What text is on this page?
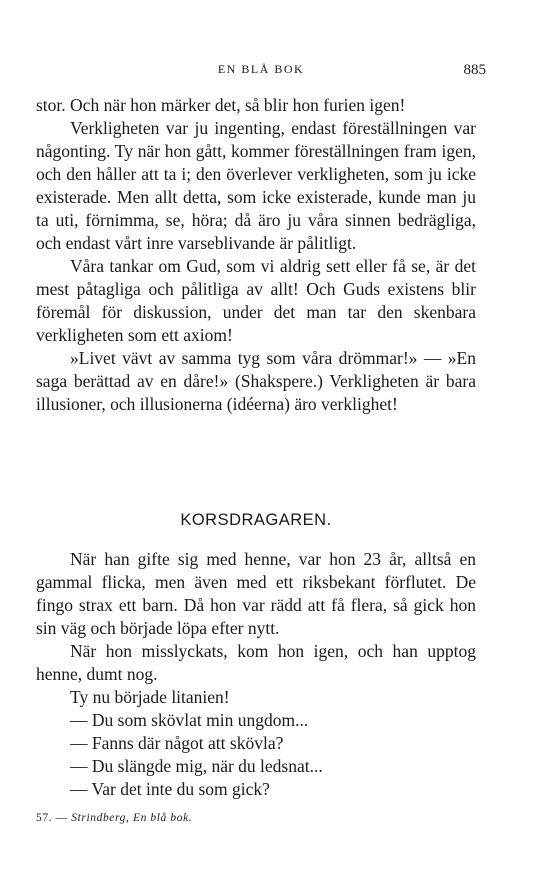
EN BLÅ BOK	885

stor. Och när hon märker det, så blir hon furien igen!

Verkligheten var ju ingenting, endast föreställningen var någonting. Ty när hon gått, kommer föreställningen fram igen, och den håller att ta i; den överlever verkligheten, som ju icke existerade. Men allt detta, som icke existerade, kunde man ju ta uti, förnimma, se, höra; då äro ju våra sinnen bedrägliga, och endast vårt inre varseblivande är pålitligt.

Våra tankar om Gud, som vi aldrig sett eller få se, är det mest påtagliga och pålitliga av allt! Och Guds existens blir föremål för diskussion, under det man tar den skenbara verkligheten som ett axiom!

»Livet vävt av samma tyg som våra drömmar!» — »En saga berättad av en dåre!» (Shakspere.) Verkligheten är bara illusioner, och illusionerna (idéerna) äro verklighet!

KORSDRAGAREN.

När han gifte sig med henne, var hon 23 år, alltså en gammal flicka, men även med ett riksbekant förflutet. De fingo strax ett barn. Då hon var rädd att få flera, så gick hon sin väg och började löpa efter nytt.

När hon misslyckats, kom hon igen, och han upptog henne, dumt nog.

Ty nu började litanien!

— Du som skövlat min ungdom...

— Fanns där något att skövla?

— Du slängde mig, när du ledsnat...

— Var det inte du som gick?

57. — Strindberg, En blå bok.
